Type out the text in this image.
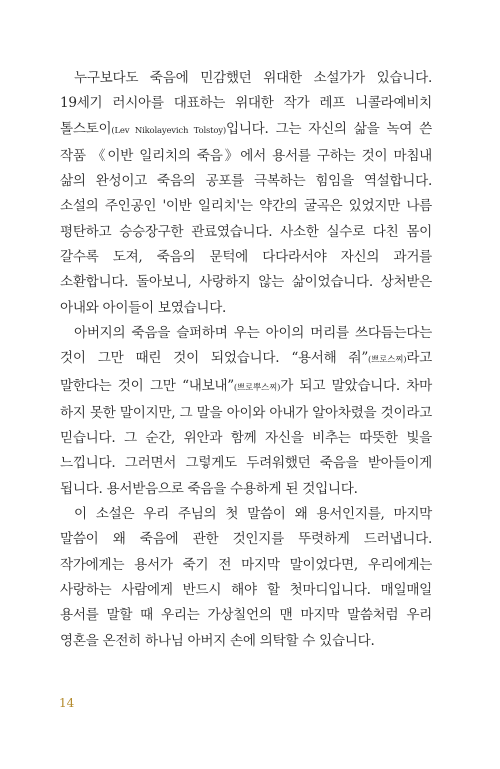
누구보다도 죽음에 민감했던 위대한 소설가가 있습니다. 19세기 러시아를 대표하는 위대한 작가 레프 니콜라예비치 톨스토이(Lev Nikolayevich Tolstoy)입니다. 그는 자신의 삶을 녹여 쓴 작품 《이반 일리치의 죽음》에서 용서를 구하는 것이 마침내 삶의 완성이고 죽음의 공포를 극복하는 힘임을 역설합니다. 소설의 주인공인 '이반 일리치'는 약간의 굴곡은 있었지만 나름 평탄하고 승승장구한 관료였습니다. 사소한 실수로 다친 몸이 갈수록 도져, 죽음의 문턱에 다다라서야 자신의 과거를 소환합니다. 돌아보니, 사랑하지 않는 삶이었습니다. 상처받은 아내와 아이들이 보였습니다.

아버지의 죽음을 슬퍼하며 우는 아이의 머리를 쓰다듬는다는 것이 그만 때린 것이 되었습니다. “용서해 줘”(쁘로스찌)라고 말한다는 것이 그만 “내보내”(쁘로뿌스찌)가 되고 말았습니다. 차마 하지 못한 말이지만, 그 말을 아이와 아내가 알아차렸을 것이라고 믿습니다. 그 순간, 위안과 함께 자신을 비추는 따뜻한 빛을 느낍니다. 그러면서 그렇게도 두려워했던 죽음을 받아들이게 됩니다. 용서받음으로 죽음을 수용하게 된 것입니다.

이 소설은 우리 주님의 첫 말씀이 왜 용서인지를, 마지막 말씀이 왜 죽음에 관한 것인지를 뚜렷하게 드러냅니다. 작가에게는 용서가 죽기 전 마지막 말이었다면, 우리에게는 사랑하는 사람에게 반드시 해야 할 첫마디입니다. 매일매일 용서를 말할 때 우리는 가상칠언의 맨 마지막 말씀처럼 우리 영혼을 온전히 하나님 아버지 손에 의탁할 수 있습니다.

14
